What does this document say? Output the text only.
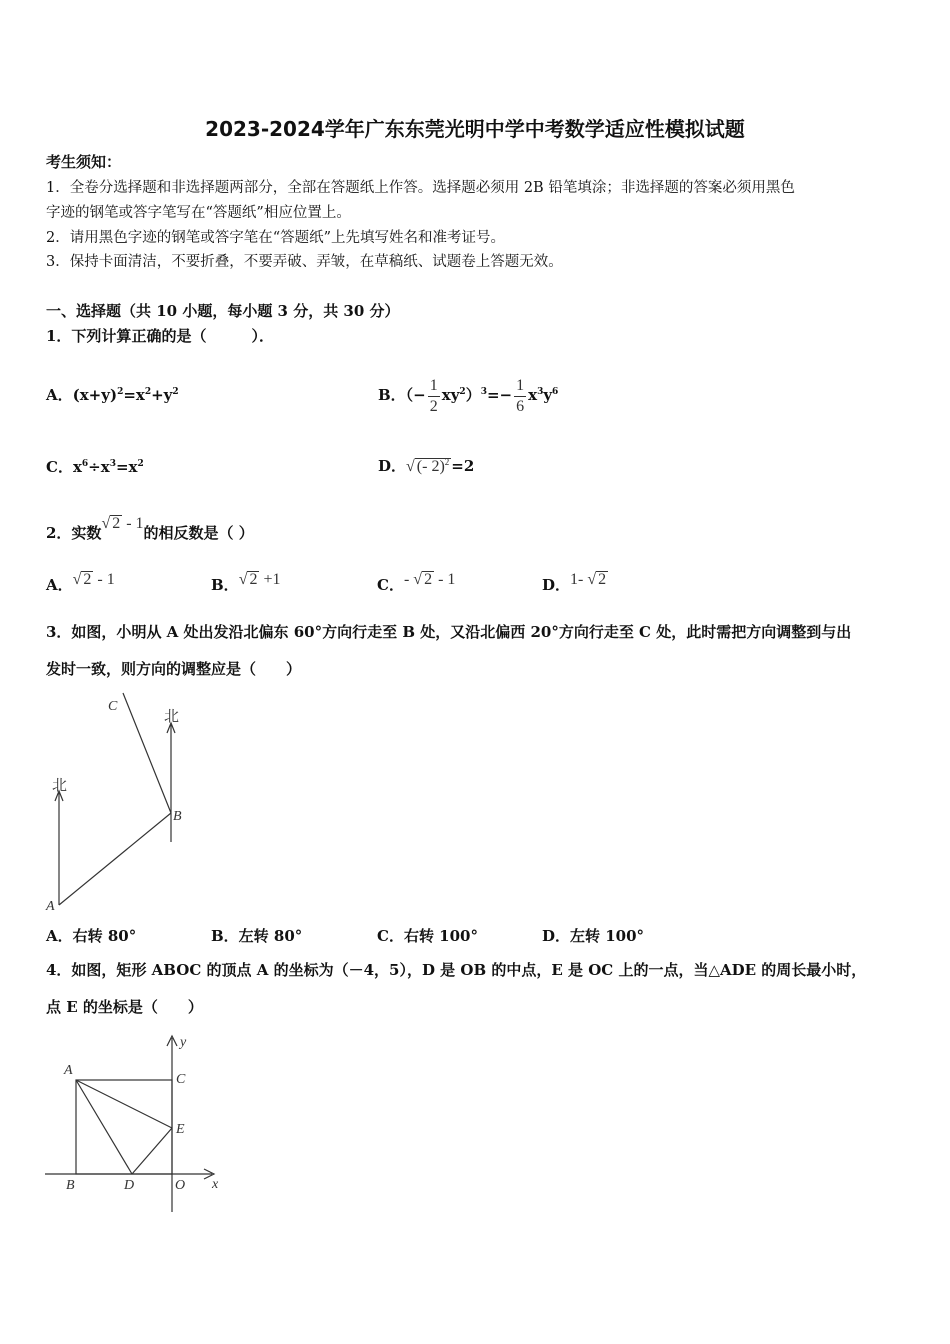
2023-2024学年广东东莞光明中学中考数学适应性模拟试题
考生须知：
1．全卷分选择题和非选择题两部分，全部在答题纸上作答。选择题必须用 2B 铅笔填涂；非选择题的答案必须用黑色
字迹的钢笔或答字笔写在“答题纸”相应位置上。
2．请用黑色字迹的钢笔或答字笔在“答题纸”上先填写姓名和准考证号。
3．保持卡面清洁，不要折叠，不要弄破、弄皱，在草稿纸、试题卷上答题无效。
一、选择题（共 10 小题，每小题 3 分，共 30 分）
1．下列计算正确的是（　　　）．
A．$(x+y)^2=x^2+y^2$	B．（− $\frac{1}{2} xy^2)^3=- \frac{1}{6} x^3y^6$
C．$x^6\div x^3=x^2$	D．√ (- 2)$^2$ =2
2．实数√ 2 - 1的相反数是（ ）
A．√ 2 - 1	B．√ 2 +1	C．- √ 2 - 1	D．1- √ 2
3．如图，小明从 A 处出发沿北偏东 60°方向行走至 B 处，又沿北偏西 20°方向行走至 C 处，此时需把方向调整到与出
发时一致，则方向的调整应是（　　）
北
北
A
B
C
A．右转 80°	B．左转 80°	C．右转 100°	D．左转 100°
4．如图，矩形 ABOC 的顶点 A 的坐标为（－4，5），D 是 OB 的中点，E 是 OC 上的一点，当△ADE 的周长最小时，
点 E 的坐标是（　　）
A
B
C
D
E
O x
y
